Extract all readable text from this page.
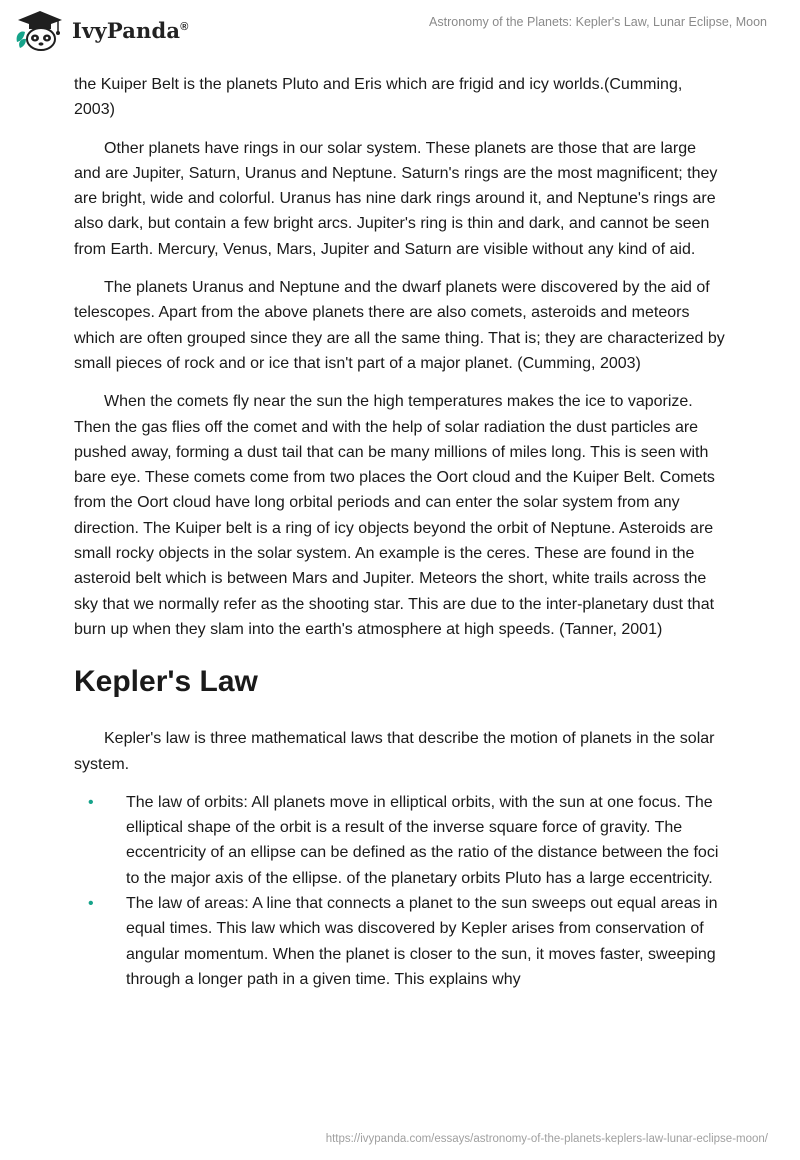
IvyPanda®	Astronomy of the Planets: Kepler's Law, Lunar Eclipse, Moon

the Kuiper Belt is the planets Pluto and Eris which are frigid and icy worlds.(Cumming, 2003)

Other planets have rings in our solar system. These planets are those that are large and are Jupiter, Saturn, Uranus and Neptune. Saturn's rings are the most magnificent; they are bright, wide and colorful. Uranus has nine dark rings around it, and Neptune's rings are also dark, but contain a few bright arcs. Jupiter's ring is thin and dark, and cannot be seen from Earth. Mercury, Venus, Mars, Jupiter and Saturn are visible without any kind of aid.

The planets Uranus and Neptune and the dwarf planets were discovered by the aid of telescopes. Apart from the above planets there are also comets, asteroids and meteors which are often grouped since they are all the same thing. That is; they are characterized by small pieces of rock and or ice that isn't part of a major planet. (Cumming, 2003)

When the comets fly near the sun the high temperatures makes the ice to vaporize. Then the gas flies off the comet and with the help of solar radiation the dust particles are pushed away, forming a dust tail that can be many millions of miles long. This is seen with bare eye. These comets come from two places the Oort cloud and the Kuiper Belt. Comets from the Oort cloud have long orbital periods and can enter the solar system from any direction. The Kuiper belt is a ring of icy objects beyond the orbit of Neptune. Asteroids are small rocky objects in the solar system. An example is the ceres. These are found in the asteroid belt which is between Mars and Jupiter. Meteors the short, white trails across the sky that we normally refer as the shooting star. This are due to the inter-planetary dust that burn up when they slam into the earth's atmosphere at high speeds. (Tanner, 2001)

Kepler's Law

Kepler's law is three mathematical laws that describe the motion of planets in the solar system.

• The law of orbits: All planets move in elliptical orbits, with the sun at one focus. The elliptical shape of the orbit is a result of the inverse square force of gravity. The eccentricity of an ellipse can be defined as the ratio of the distance between the foci to the major axis of the ellipse. of the planetary orbits Pluto has a large eccentricity.
• The law of areas: A line that connects a planet to the sun sweeps out equal areas in equal times. This law which was discovered by Kepler arises from conservation of angular momentum. When the planet is closer to the sun, it moves faster, sweeping through a longer path in a given time. This explains why
https://ivypanda.com/essays/astronomy-of-the-planets-keplers-law-lunar-eclipse-moon/
